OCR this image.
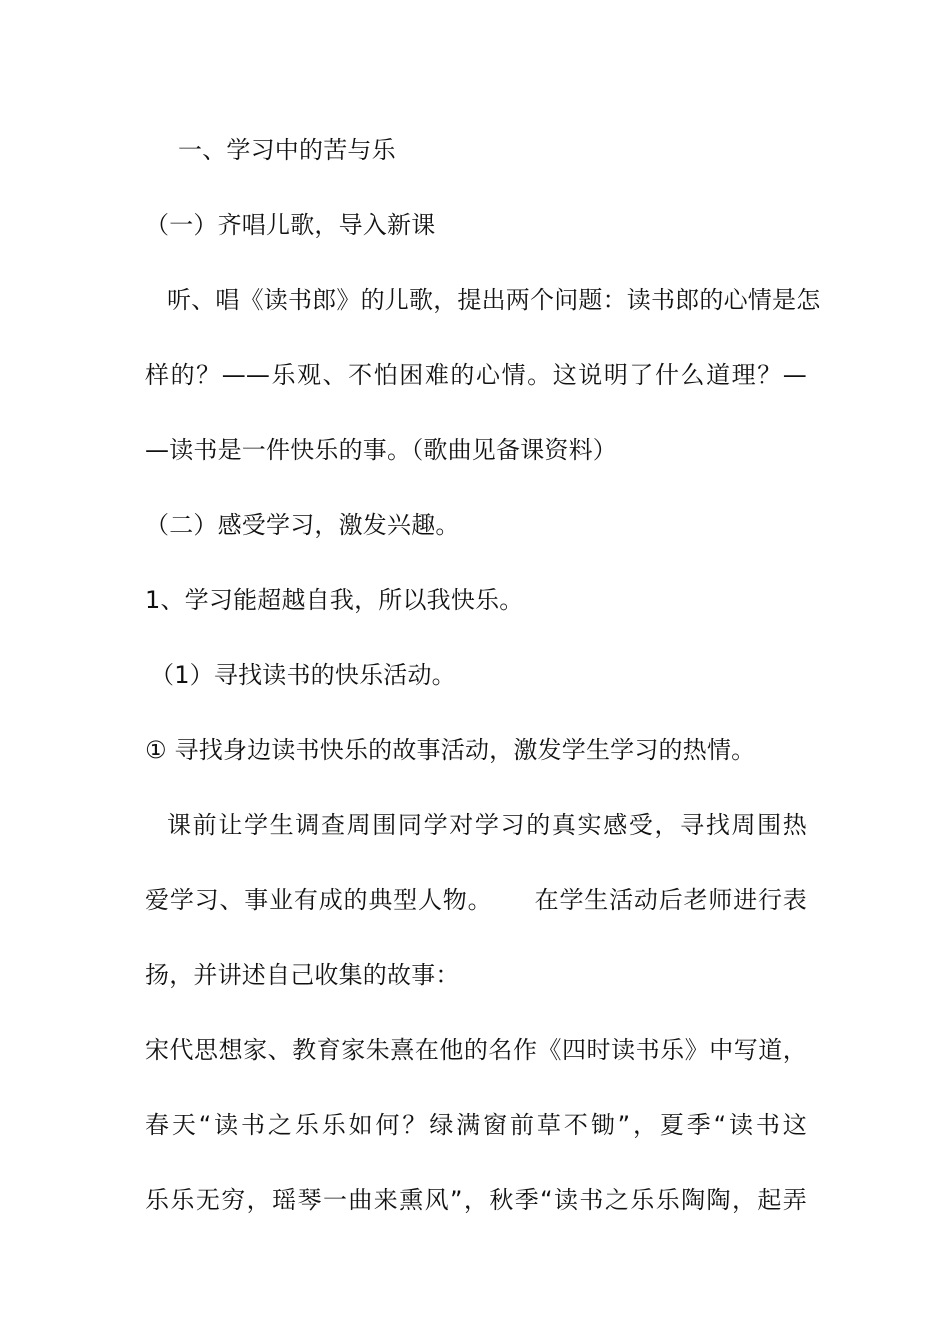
一、学习中的苦与乐
（一）齐唱儿歌，导入新课
听、唱《读书郎》的儿歌，提出两个问题：读书郎的心情是怎
样的？——乐观、不怕困难的心情。这说明了什么道理？—
—读书是一件快乐的事。（歌曲见备课资料）
（二）感受学习，激发兴趣。
1、学习能超越自我，所以我快乐。
（1）寻找读书的快乐活动。
① 寻找身边读书快乐的故事活动，激发学生学习的热情。
课前让学生调查周围同学对学习的真实感受，寻找周围热
爱学习、事业有成的典型人物。     在学生活动后老师进行表
扬，并讲述自己收集的故事：
宋代思想家、教育家朱熹在他的名作《四时读书乐》中写道，
春天“读书之乐乐如何？绿满窗前草不锄”，夏季“读书这
乐乐无穷，瑶琴一曲来熏风”，秋季“读书之乐乐陶陶，起弄
